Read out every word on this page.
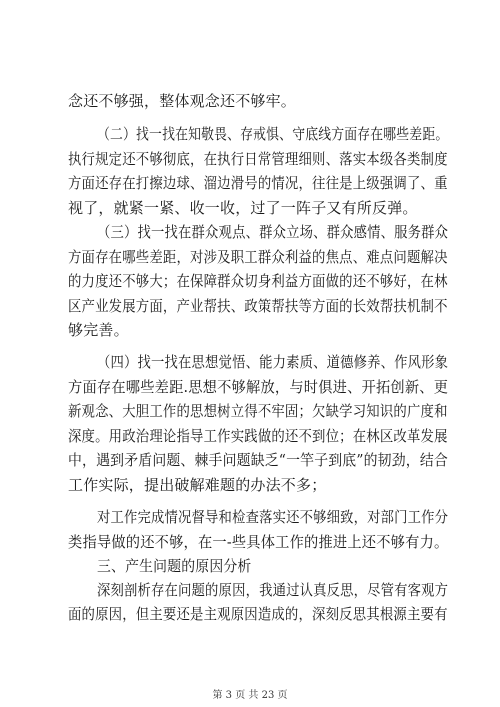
念还不够强，整体观念还不够牢。
（二）找一找在知敬畏、存戒惧、守底线方面存在哪些差距。
执行规定还不够彻底，在执行日常管理细则、落实本级各类制度
方面还存在打擦边球、溜边滑号的情况，往往是上级强调了、重
视了，就紧一紧、收一收，过了一阵子又有所反弹。
（三）找一找在群众观点、群众立场、群众感情、服务群众
方面存在哪些差距，对涉及职工群众利益的焦点、难点问题解决
的力度还不够大；在保障群众切身利益方面做的还不够好，在林
区产业发展方面，产业帮扶、政策帮扶等方面的长效帮扶机制不
够完善。
（四）找一找在思想觉悟、能力素质、道德修养、作风形象
方面存在哪些差距.思想不够解放，与时俱进、开拓创新、更
新观念、大胆工作的思想树立得不牢固；欠缺学习知识的广度和
深度。用政治理论指导工作实践做的还不到位；在林区改革发展
中，遇到矛盾问题、棘手问题缺乏“一竿子到底”的韧劲，结合
工作实际，提出破解难题的办法不多；
对工作完成情况督导和检查落实还不够细致，对部门工作分
类指导做的还不够，在一-些具体工作的推进上还不够有力。
三、产生问题的原因分析
深刻剖析存在问题的原因，我通过认真反思，尽管有客观方
面的原因，但主要还是主观原因造成的，深刻反思其根源主要有
第 3 页 共 23 页
